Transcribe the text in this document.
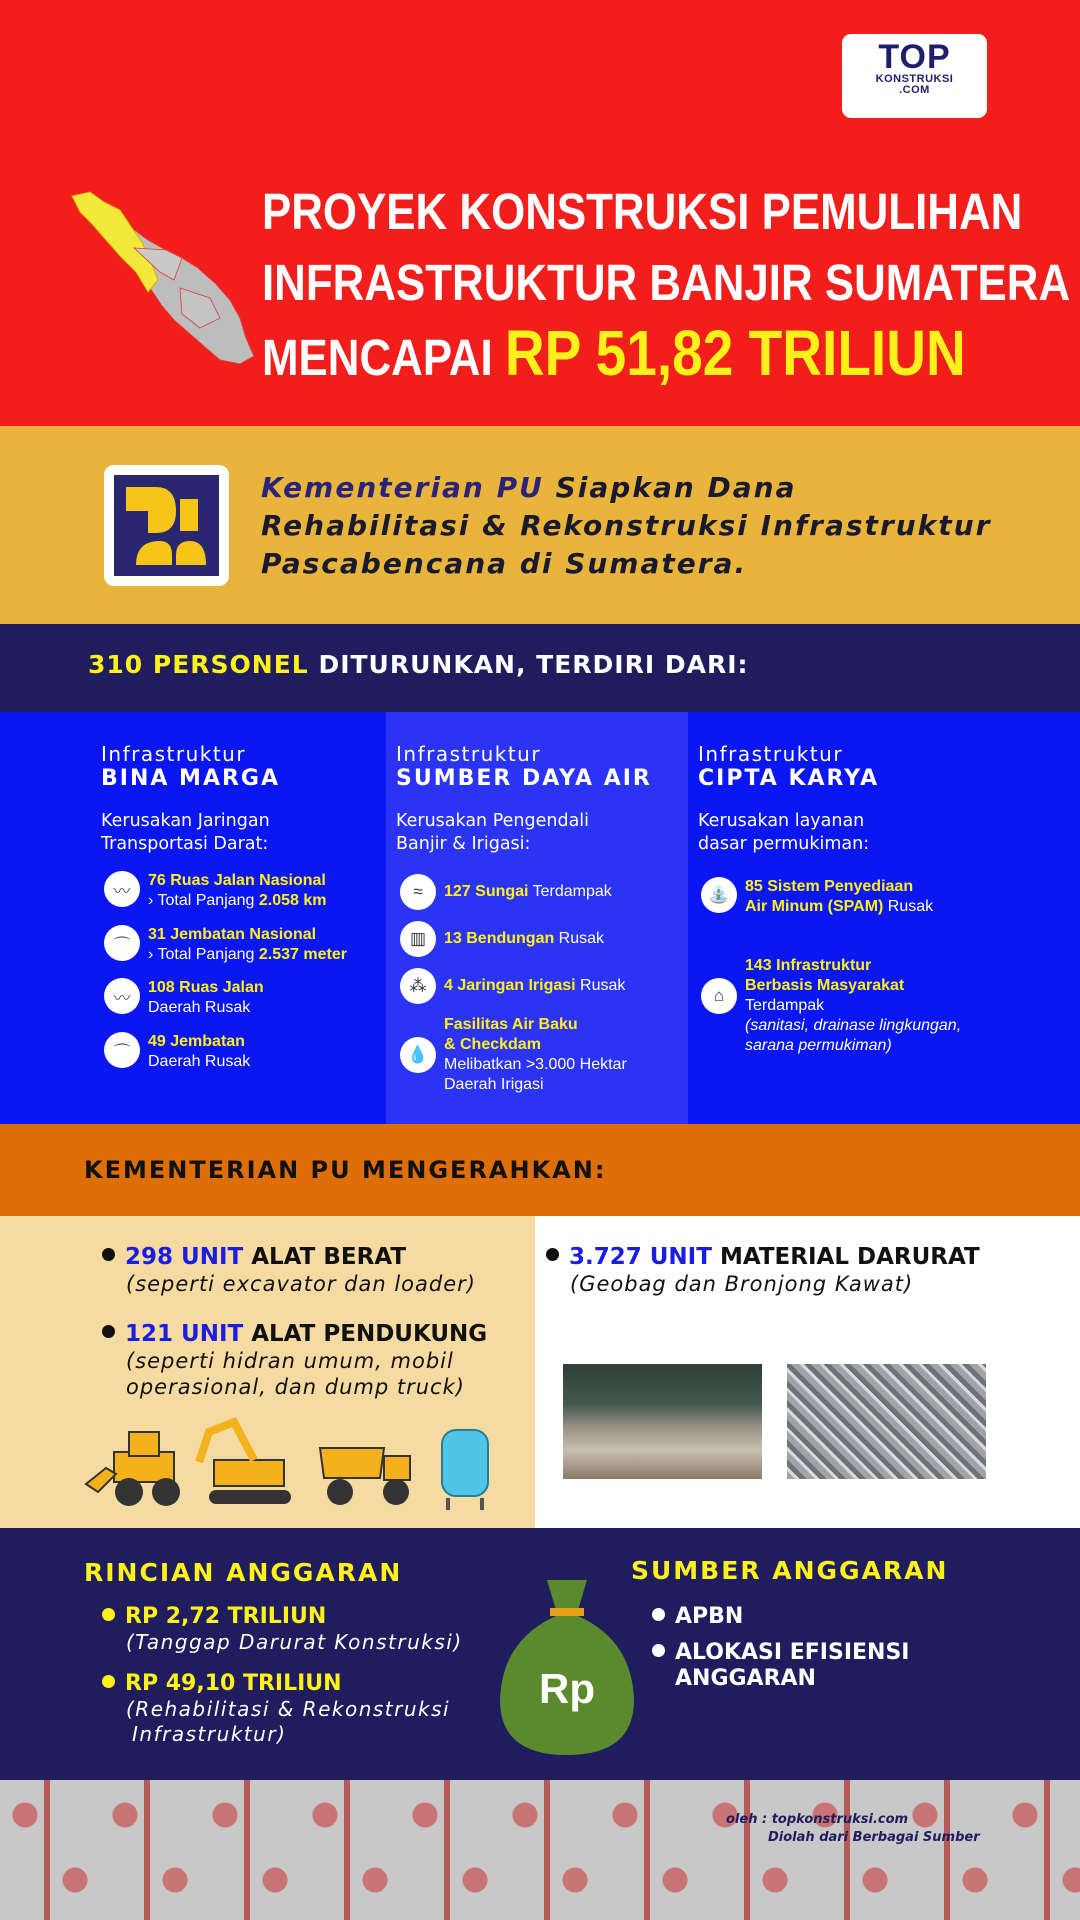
TOP
KONSTRUKSI
.COM
PROYEK KONSTRUKSI PEMULIHAN
INFRASTRUKTUR BANJIR SUMATERA
MENCAPAI RP 51,82 TRILIUN
Kementerian PU Siapkan Dana
Rehabilitasi & Rekonstruksi Infrastruktur
Pascabencana di Sumatera.
310 PERSONEL DITURUNKAN, TERDIRI DARI:
Infrastruktur
BINA MARGA
Kerusakan Jaringan
Transportasi Darat:
〰
76 Ruas Jalan Nasional
› Total Panjang 2.058 km
⌒
31 Jembatan Nasional
› Total Panjang 2.537 meter
〰
108 Ruas Jalan
Daerah Rusak
⌒
49 Jembatan
Daerah Rusak
Infrastruktur
SUMBER DAYA AIR
Kerusakan Pengendali
Banjir & Irigasi:
≈	127 Sungai Terdampak
▥	13 Bendungan Rusak
⁂	4 Jaringan Irigasi Rusak
💧
Fasilitas Air Baku
& Checkdam
Melibatkan >3.000 Hektar
Daerah Irigasi
Infrastruktur
CIPTA KARYA
Kerusakan layanan
dasar permukiman:
⛲ 85 Sistem Penyediaan
Air Minum (SPAM) Rusak
⌂
143 Infrastruktur
Berbasis Masyarakat
Terdampak
(sanitasi, drainase lingkungan,
sarana permukiman)
KEMENTERIAN PU MENGERAHKAN:
298 UNIT ALAT BERAT
(seperti excavator dan loader)
121 UNIT ALAT PENDUKUNG
(seperti hidran umum, mobil
operasional, dan dump truck)
3.727 UNIT MATERIAL DARURAT
(Geobag dan Bronjong Kawat)
RINCIAN ANGGARAN
RP 2,72 TRILIUN
(Tanggap Darurat Konstruksi)
RP 49,10 TRILIUN
(Rehabilitasi & Rekonstruksi
Infrastruktur)
Rp
SUMBER ANGGARAN
APBN
ALOKASI EFISIENSI
ANGGARAN
oleh : topkonstruksi.com
Diolah dari Berbagai Sumber
